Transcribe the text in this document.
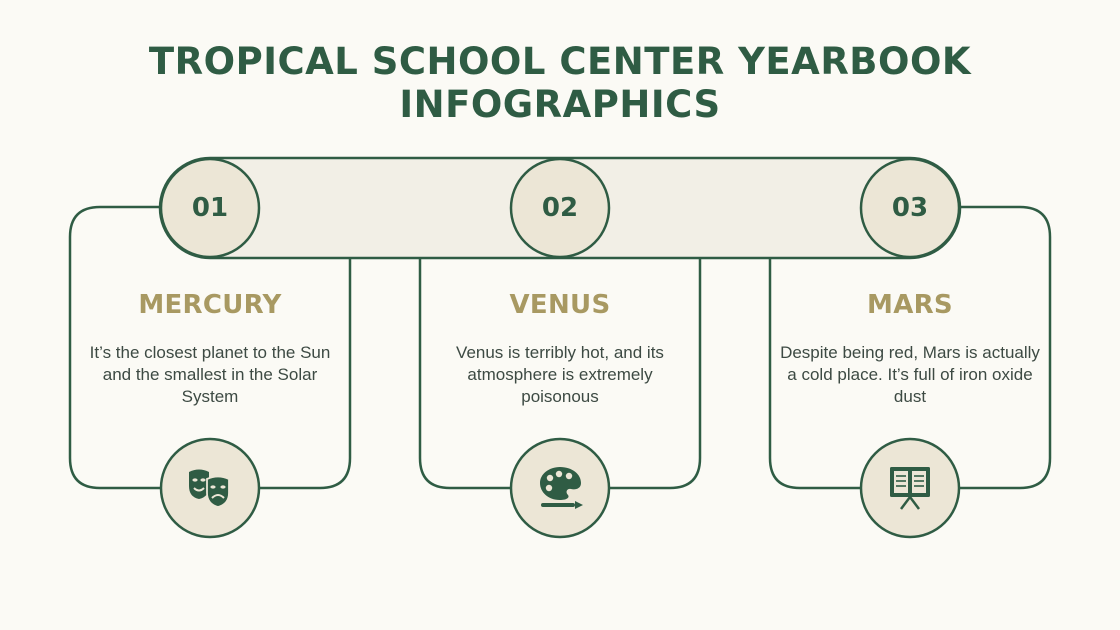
TROPICAL SCHOOL CENTER YEARBOOK INFOGRAPHICS
01
MERCURY
It’s the closest planet to the Sun and the smallest in the Solar System
02
VENUS
Venus is terribly hot, and its atmosphere is extremely poisonous
03
MARS
Despite being red, Mars is actually a cold place. It’s full of iron oxide dust
